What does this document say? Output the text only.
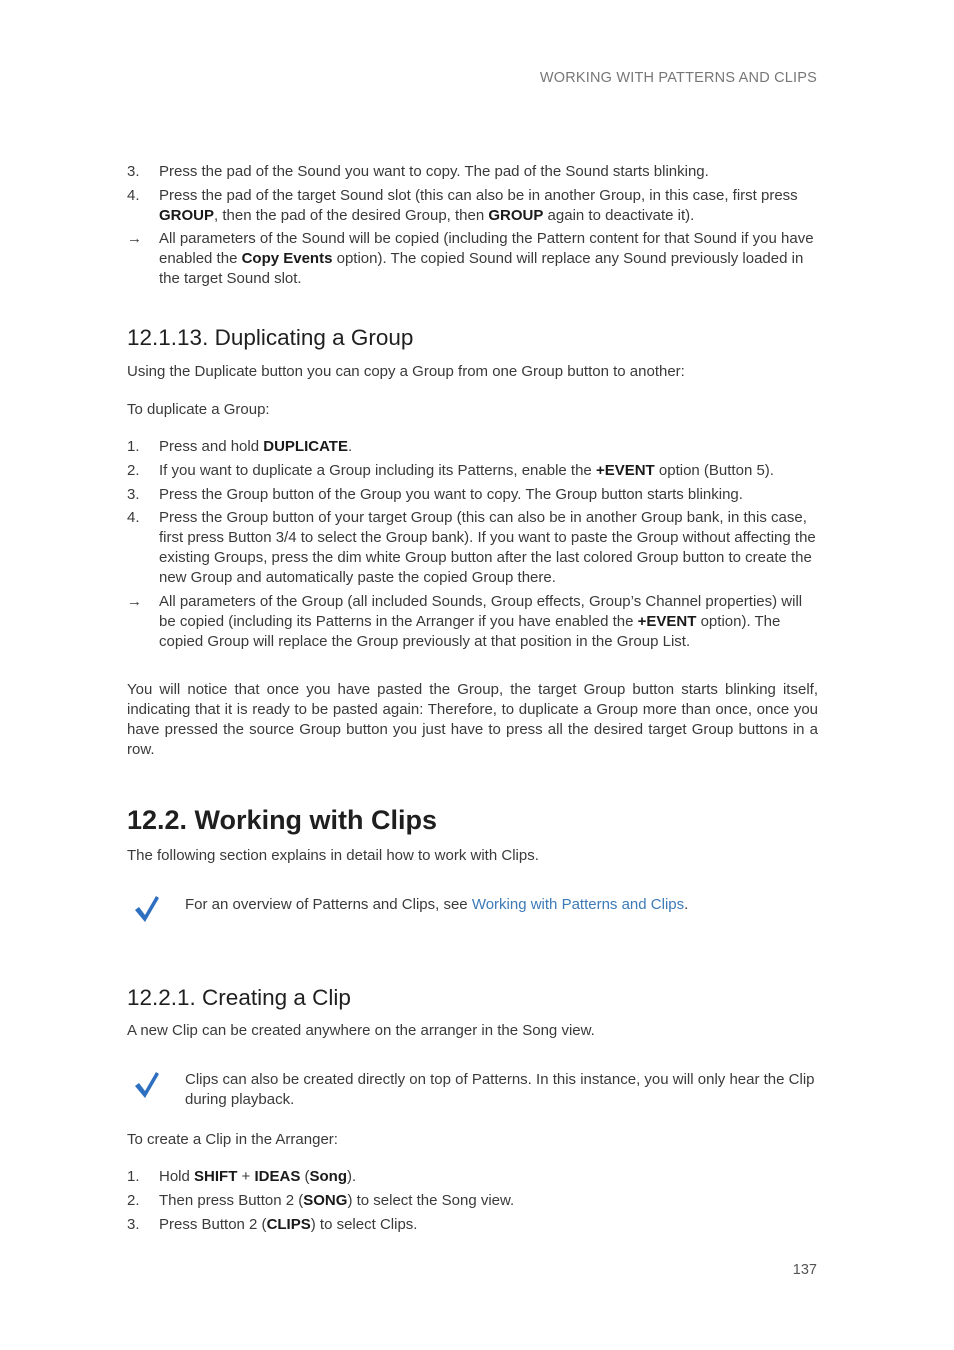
WORKING WITH PATTERNS AND CLIPS
3.	Press the pad of the Sound you want to copy. The pad of the Sound starts blinking.
4.	Press the pad of the target Sound slot (this can also be in another Group, in this case, first press GROUP, then the pad of the desired Group, then GROUP again to deactivate it).
→	All parameters of the Sound will be copied (including the Pattern content for that Sound if you have enabled the Copy Events option). The copied Sound will replace any Sound previously loaded in the target Sound slot.
12.1.13. Duplicating a Group
Using the Duplicate button you can copy a Group from one Group button to another:
To duplicate a Group:
1.	Press and hold DUPLICATE.
2.	If you want to duplicate a Group including its Patterns, enable the +EVENT option (Button 5).
3.	Press the Group button of the Group you want to copy. The Group button starts blinking.
4.	Press the Group button of your target Group (this can also be in another Group bank, in this case, first press Button 3/4 to select the Group bank). If you want to paste the Group without affecting the existing Groups, press the dim white Group button after the last colored Group button to create the new Group and automatically paste the copied Group there.
→	All parameters of the Group (all included Sounds, Group effects, Group’s Channel properties) will be copied (including its Patterns in the Arranger if you have enabled the +EVENT option). The copied Group will replace the Group previously at that position in the Group List.
You will notice that once you have pasted the Group, the target Group button starts blinking itself, indicating that it is ready to be pasted again: Therefore, to duplicate a Group more than once, once you have pressed the source Group button you just have to press all the desired target Group buttons in a row.
12.2. Working with Clips
The following section explains in detail how to work with Clips.
For an overview of Patterns and Clips, see Working with Patterns and Clips.
12.2.1. Creating a Clip
A new Clip can be created anywhere on the arranger in the Song view.
Clips can also be created directly on top of Patterns. In this instance, you will only hear the Clip during playback.
To create a Clip in the Arranger:
1.	Hold SHIFT + IDEAS (Song).
2.	Then press Button 2 (SONG) to select the Song view.
3.	Press Button 2 (CLIPS) to select Clips.
137
